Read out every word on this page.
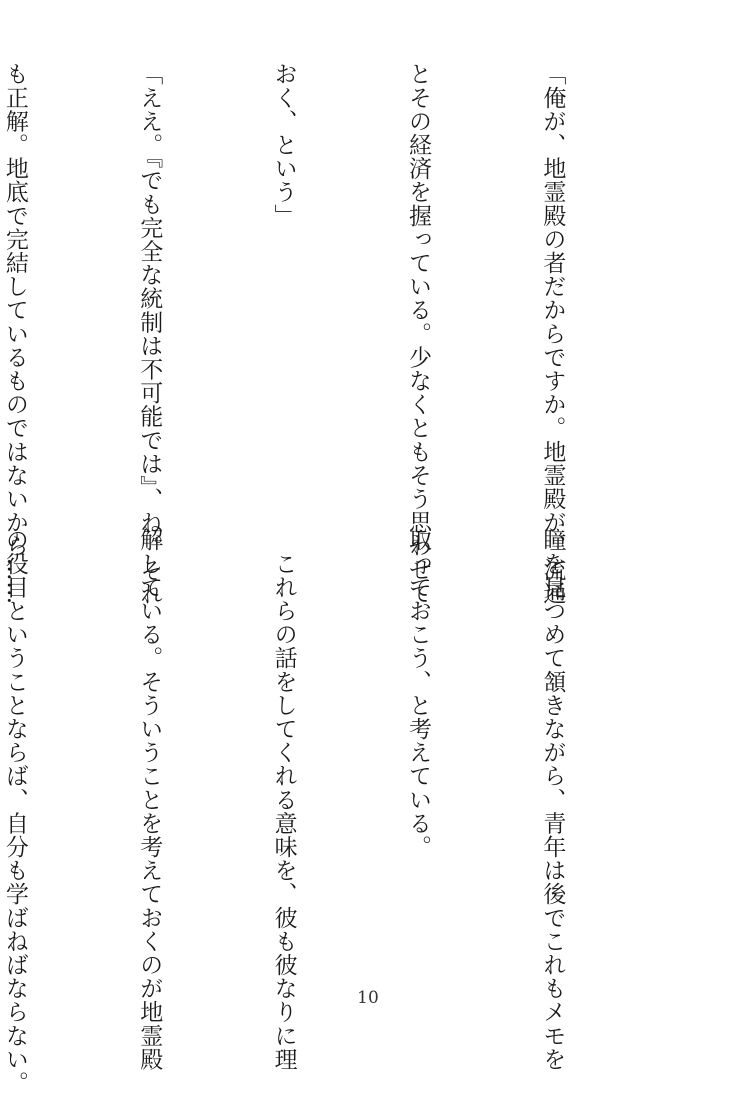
「俺が、地霊殿の者だからですか。地霊殿が、流通

とその経済を握っている。少なくともそう思わせて

おく、という」

「ええ。『でも完全な統制は不可能では』、ね。それ

も正解。地底で完結しているものではないから……

瞳を見つめて頷きながら、青年は後でこれもメモを

取っておこう、と考えている。

　これらの話をしてくれる意味を、彼も彼なりに理

解している。そういうことを考えておくのが地霊殿

の役目ということならば、自分も学ばねばならない。

	10
